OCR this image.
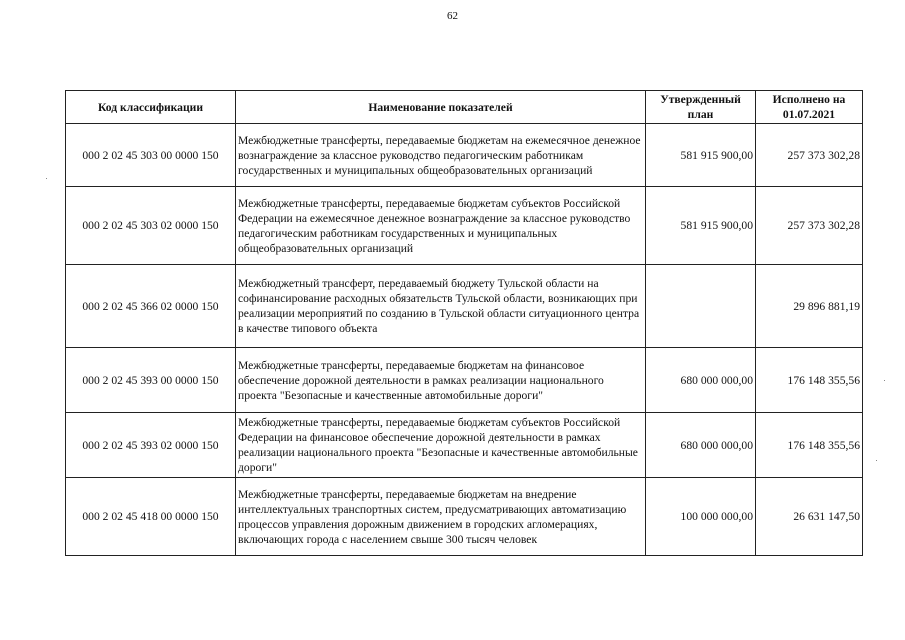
62
Код классификации	Наименование показателей	Утвержденный план	Исполнено на 01.07.2021
000 2 02 45 303 00 0000 150	Межбюджетные трансферты, передаваемые бюджетам на ежемесячное денежное вознаграждение за классное руководство педагогическим работникам государственных и муниципальных общеобразовательных организаций	581 915 900,00	257 373 302,28
000 2 02 45 303 02 0000 150	Межбюджетные трансферты, передаваемые бюджетам субъектов Российской Федерации на ежемесячное денежное вознаграждение за классное руководство педагогическим работникам государственных и муниципальных общеобразовательных организаций	581 915 900,00	257 373 302,28
000 2 02 45 366 02 0000 150	Межбюджетный трансферт, передаваемый бюджету Тульской области на софинансирование расходных обязательств Тульской области, возникающих при реализации мероприятий по созданию в Тульской области ситуационного центра в качестве типового объекта		29 896 881,19
000 2 02 45 393 00 0000 150	Межбюджетные трансферты, передаваемые бюджетам на финансовое обеспечение дорожной деятельности в рамках реализации национального проекта "Безопасные и качественные автомобильные дороги"	680 000 000,00	176 148 355,56
000 2 02 45 393 02 0000 150	Межбюджетные трансферты, передаваемые бюджетам субъектов Российской Федерации на финансовое обеспечение дорожной деятельности в рамках реализации национального проекта "Безопасные и качественные автомобильные дороги"	680 000 000,00	176 148 355,56
000 2 02 45 418 00 0000 150	Межбюджетные трансферты, передаваемые бюджетам на внедрение интеллектуальных транспортных систем, предусматривающих автоматизацию процессов управления дорожным движением в городских агломерациях, включающих города с населением свыше 300 тысяч человек	100 000 000,00	26 631 147,50
